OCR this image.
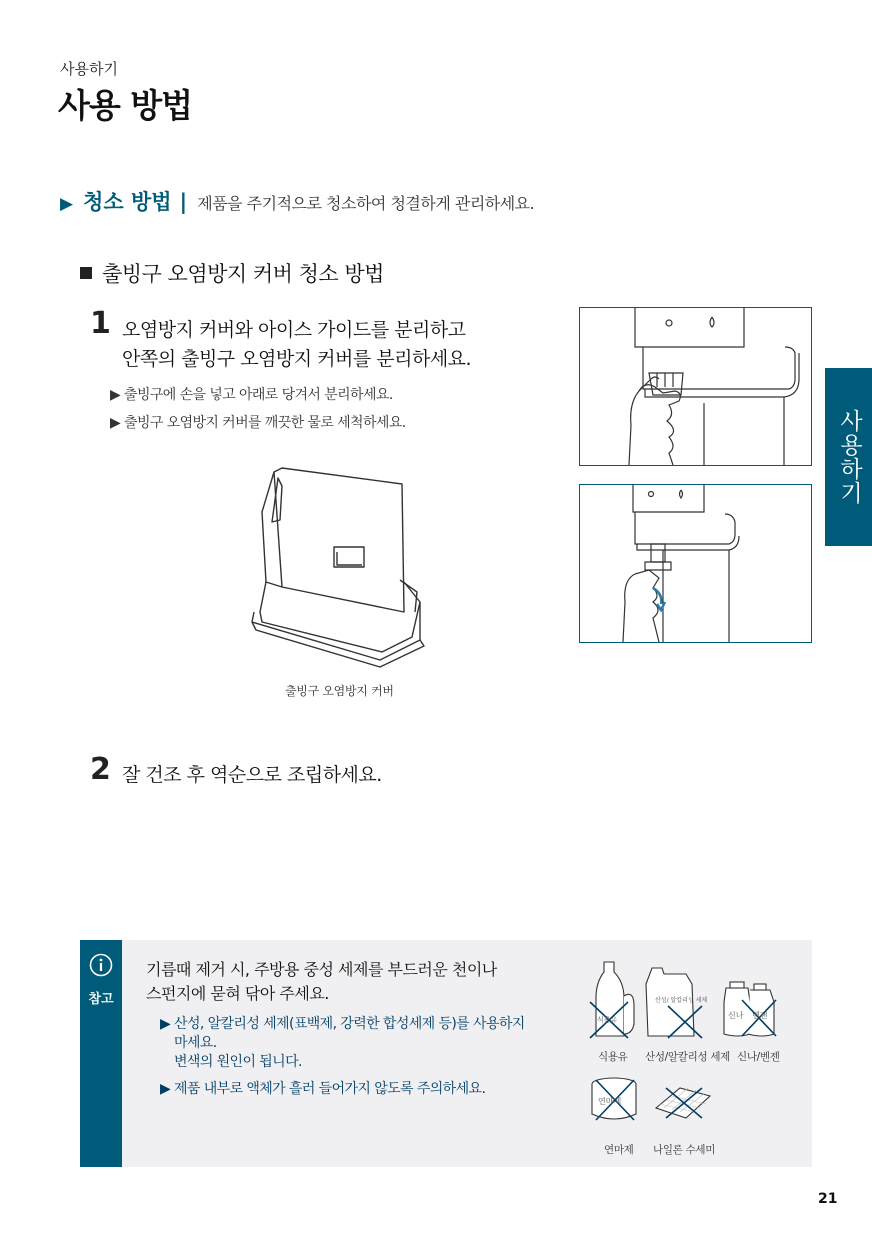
사용하기
사용 방법
▶ 청소 방법 | 제품을 주기적으로 청소하여 청결하게 관리하세요.
출빙구 오염방지 커버 청소 방법
1 오염방지 커버와 아이스 가이드를 분리하고
안쪽의 출빙구 오염방지 커버를 분리하세요.
▶ 출빙구에 손을 넣고 아래로 당겨서 분리하세요.
▶ 출빙구 오염방지 커버를 깨끗한 물로 세척하세요.
출빙구 오염방지 커버
사용하기
2 잘 건조 후 역순으로 조립하세요.
참고
기름때 제거 시, 주방용 중성 세제를 부드러운 천이나
스펀지에 묻혀 닦아 주세요.
▶ 산성, 알칼리성 세제(표백제, 강력한 합성세제 등)를 사용하지
마세요.
변색의 원인이 됩니다.
▶ 제품 내부로 액체가 흘러 들어가지 않도록 주의하세요.
식용유
산성/ 알칼리성 세제
신나 벤젠
연마제
식용유 산성/알칼리성 세제 신나/벤젠
연마제 나일론 수세미
21
